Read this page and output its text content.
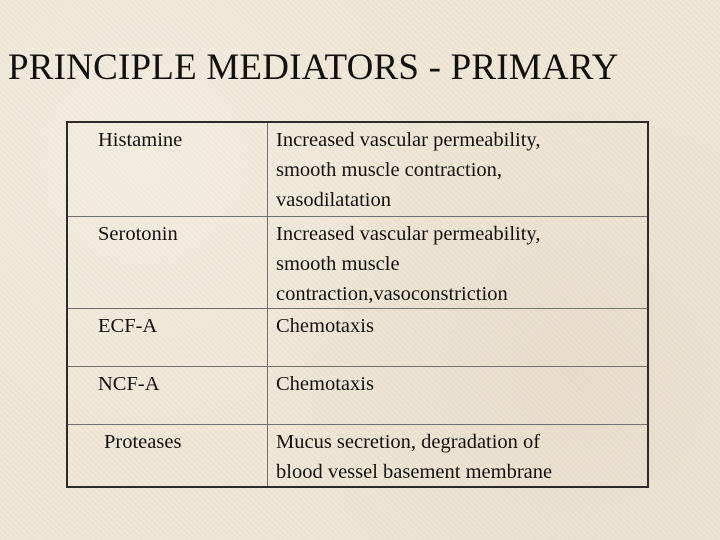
PRINCIPLE MEDIATORS - PRIMARY
Histamine	Increased vascular permeability,
smooth muscle contraction,
vasodilatation
Serotonin	Increased vascular permeability,
smooth muscle
contraction,vasoconstriction
ECF-A	Chemotaxis
NCF-A	Chemotaxis
Proteases	Mucus secretion, degradation of
blood vessel basement membrane
